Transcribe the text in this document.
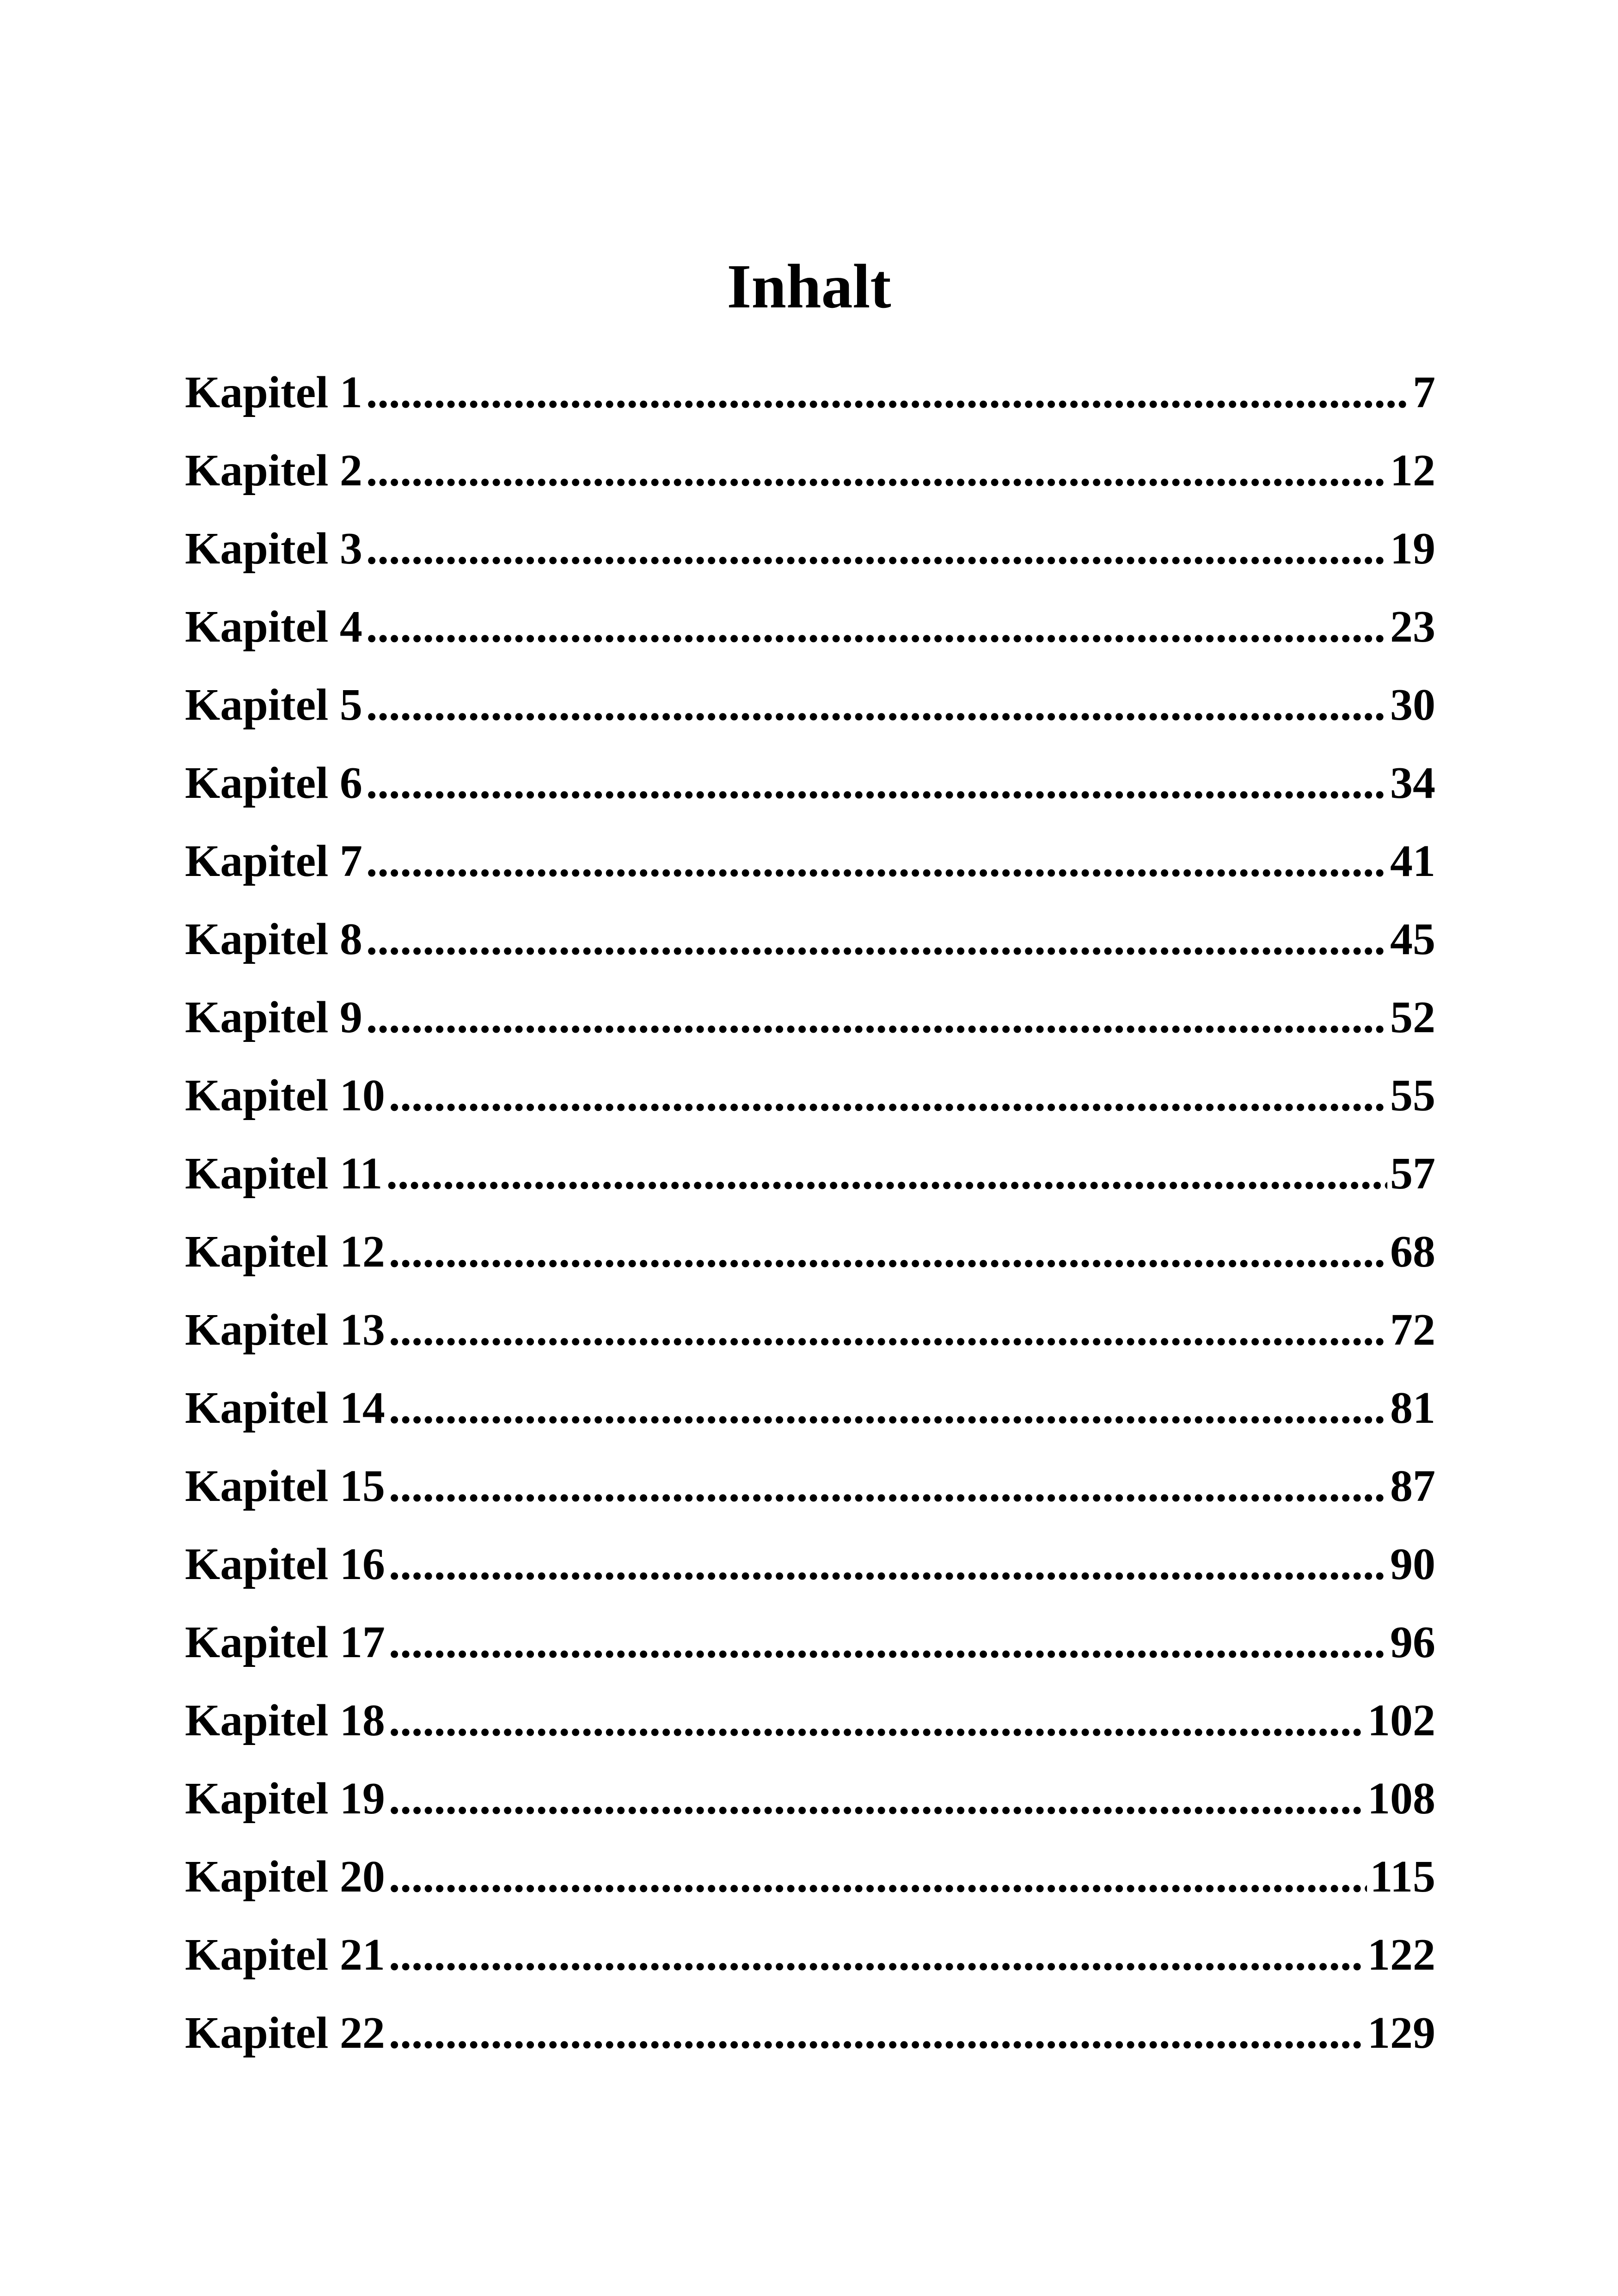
Inhalt
Kapitel 1 .....	7
Kapitel 2 .....	12
Kapitel 3 .....	19
Kapitel 4 .....	23
Kapitel 5 .....	30
Kapitel 6 .....	34
Kapitel 7 .....	41
Kapitel 8 .....	45
Kapitel 9 .....	52
Kapitel 10 .....	55
Kapitel 11 .....	57
Kapitel 12 .....	68
Kapitel 13 .....	72
Kapitel 14 .....	81
Kapitel 15 .....	87
Kapitel 16 .....	90
Kapitel 17 .....	96
Kapitel 18 .....	102
Kapitel 19 .....	108
Kapitel 20 .....	115
Kapitel 21 .....	122
Kapitel 22 .....	129
